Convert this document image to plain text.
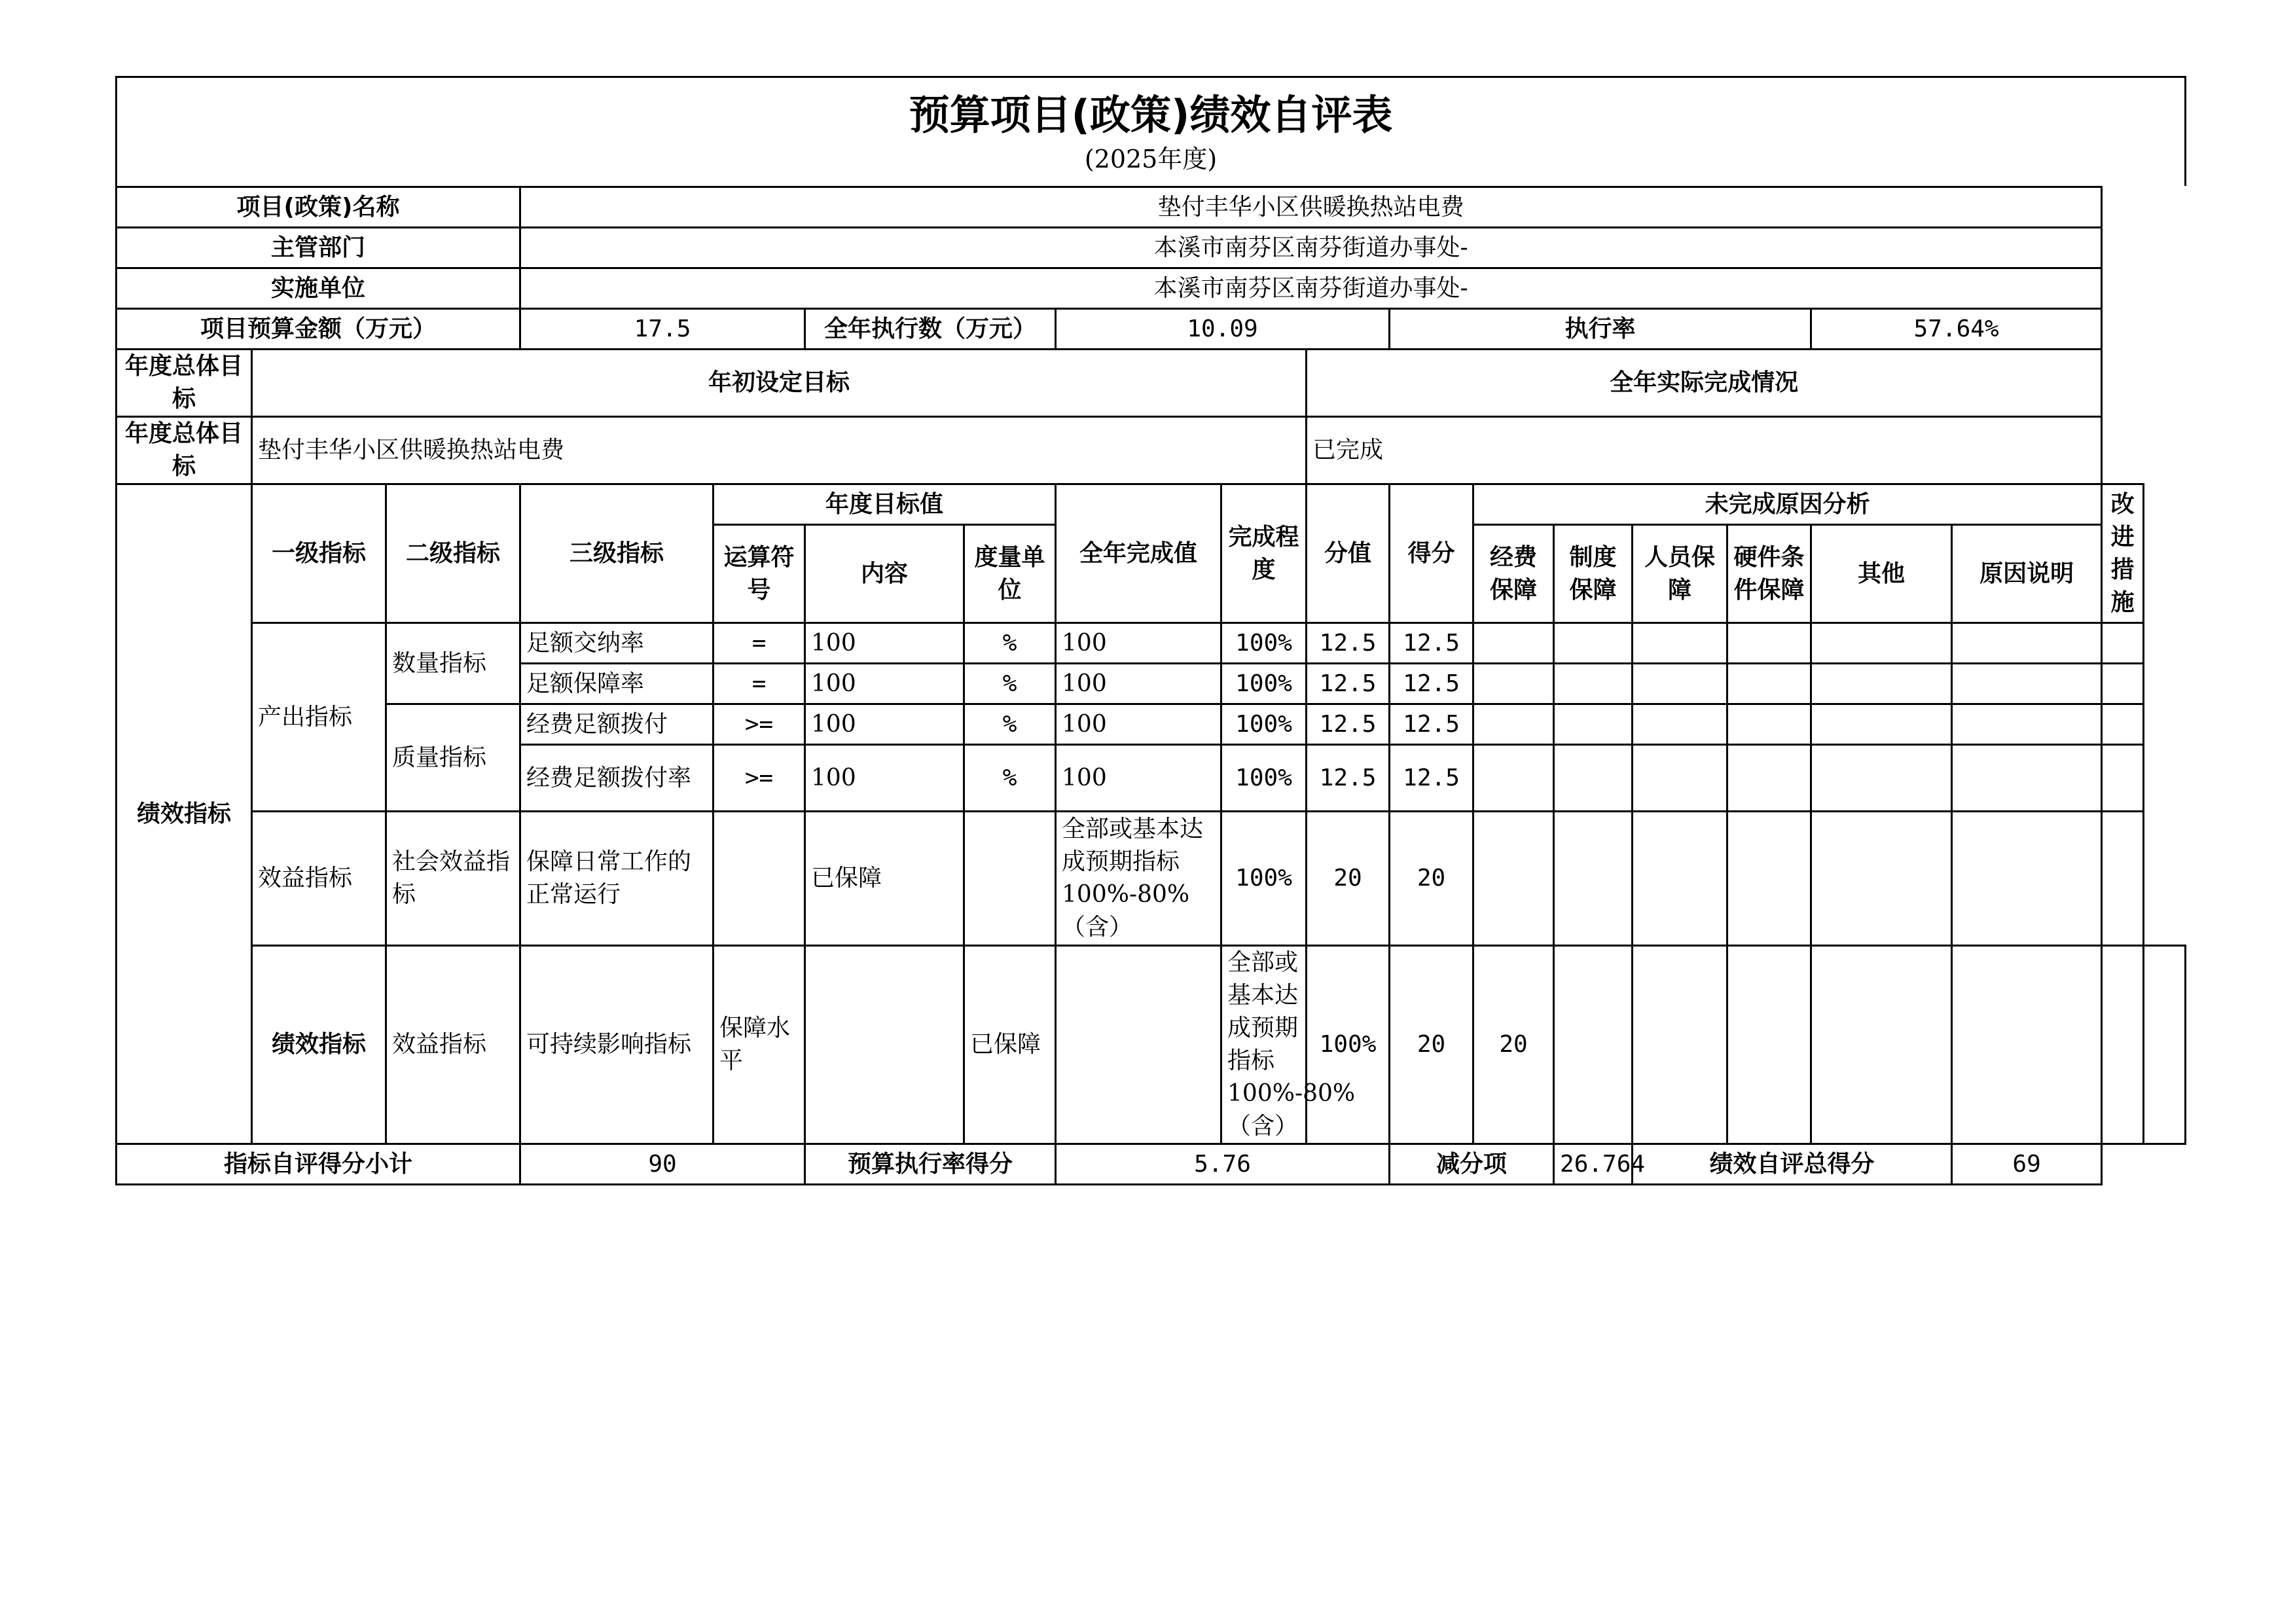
预算项目(政策)绩效自评表
(2025年度)
项目(政策)名称			垫付丰华小区供暖换热站电费															
主管部门			本溪市南芬区南芬街道办事处-															
实施单位			本溪市南芬区南芬街道办事处-															
项目预算金额（万元）			17.5		全年执行数（万元）		10.09			执行率					57.64%			
年度总体目标	年初设定目标								全年实际完成情况									
年度总体目标	垫付丰华小区供暖换热站电费								已完成									
绩效指标	一级指标	二级指标	三级指标	年度目标值			全年完成值	完成程度	分值	得分	未完成原因分析						改进措施	
				运算符号	内容	度量单位					经费保障	制度保障	人员保障	硬件条件保障	其他	原因说明		
	产出指标	数量指标	足额交纳率	=	100	%	100	100%	12.5	12.5								
			足额保障率	=	100	%	100	100%	12.5	12.5								
		质量指标	经费足额拨付	>=	100	%	100	100%	12.5	12.5								
			经费足额拨付率	>=	100	%	100	100%	12.5	12.5								
	效益指标	社会效益指标	保障日常工作的正常运行		已保障		全部或基本达成预期指标100%-80%（含）	100%	20	20								
	绩效指标	效益指标	可持续影响指标	保障水平		已保障		全部或基本达成预期指标100%-80%（含）	100%	20	20							
指标自评得分小计			90		预算执行率得分		5.76			减分项		26.764	绩效自评总得分			69		
